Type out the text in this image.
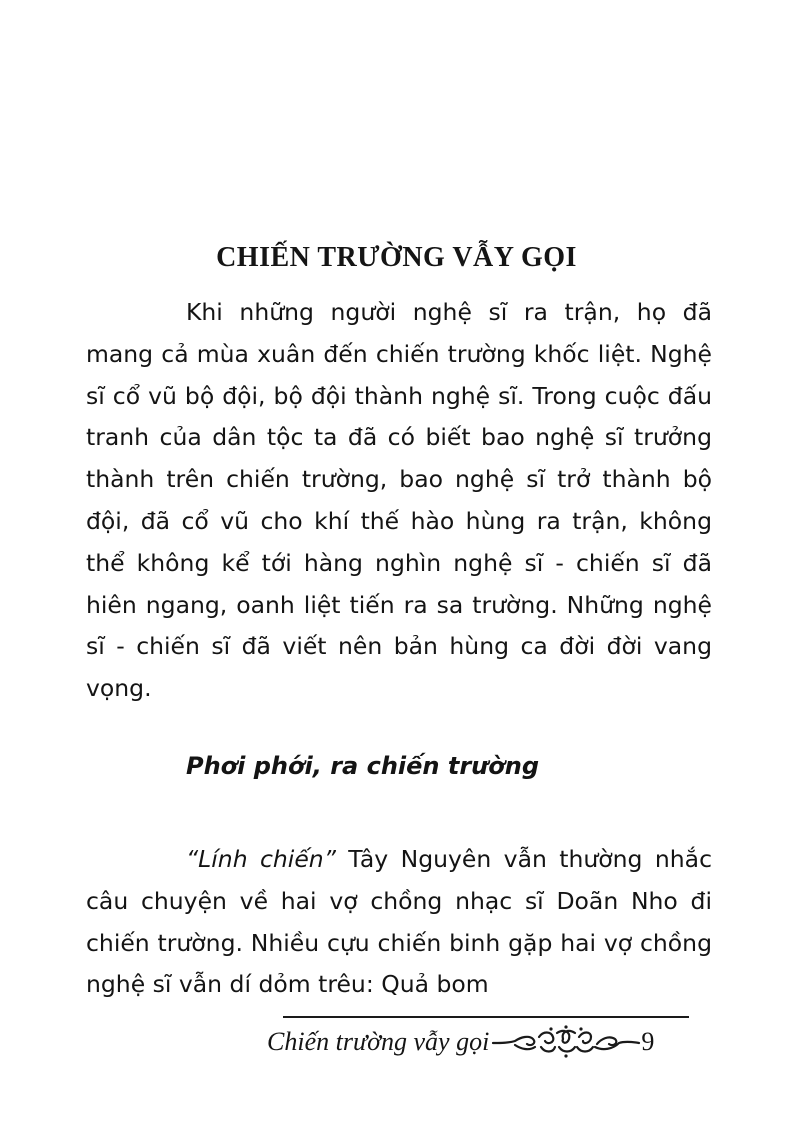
CHIẾN TRƯỜNG VẪY GỌI

Khi những người nghệ sĩ ra trận, họ đã mang cả mùa xuân đến chiến trường khốc liệt. Nghệ sĩ cổ vũ bộ đội, bộ đội thành nghệ sĩ. Trong cuộc đấu tranh của dân tộc ta đã có biết bao nghệ sĩ trưởng thành trên chiến trường, bao nghệ sĩ trở thành bộ đội, đã cổ vũ cho khí thế hào hùng ra trận, không thể không kể tới hàng nghìn nghệ sĩ - chiến sĩ đã hiên ngang, oanh liệt tiến ra sa trường. Những nghệ sĩ - chiến sĩ đã viết nên bản hùng ca đời đời vang vọng.

Phơi phới, ra chiến trường

“Lính chiến” Tây Nguyên vẫn thường nhắc câu chuyện về hai vợ chồng nhạc sĩ Doãn Nho đi chiến trường. Nhiều cựu chiến binh gặp hai vợ chồng nghệ sĩ vẫn dí dỏm trêu: Quả bom

Chiến trường vẫy gọi	9
